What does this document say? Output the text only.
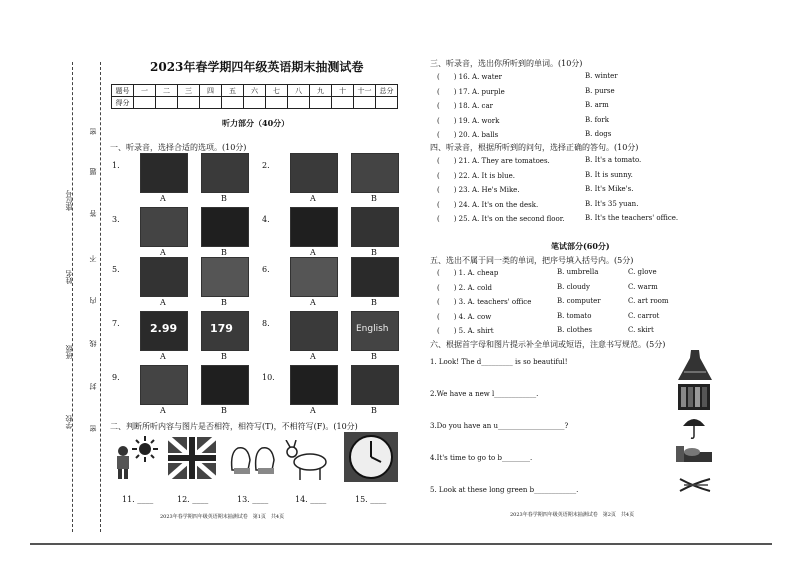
座位号
姓名
班级
学校
密
题
答
不
内
线
封
密
2023年春学期四年级英语期末抽测试卷
题号	一	二	三	四	五	六	七	八	九	十	十一	总分
得分												
听力部分（40分）
一、听录音，选择合适的选项。(10分)
1.
A	B
2.
A	B
3.
A	B
4.
A	B
5.
A	B
6.
A	B
7.
A	B
8.
A	B
9.
A	B
10.
A	B
2.99	179	English
二、判断所听内容与图片是否相符，相符写(T)，不相符写(F)。(10分)
11. ____	12. ____	13. ____	14. ____	15. ____
2023年春学期四年级英语期末抽测试卷　第1页　共4页
三、听录音，选出你所听到的单词。(10分)
(　　) 16. A. water	B. winter
(　　) 17. A. purple	B. purse
(　　) 18. A. car	B. arm
(　　) 19. A. work	B. fork
(　　) 20. A. balls	B. dogs
四、听录音，根据所听到的问句，选择正确的答句。(10分)
(　　) 21. A. They are tomatoes.	B. It's a tomato.
(　　) 22. A. It is blue.	B. It is sunny.
(　　) 23. A. He's Mike.	B. It's Mike's.
(　　) 24. A. It's on the desk.	B. It's 35 yuan.
(　　) 25. A. It's on the second floor.	B. It's the teachers' office.
笔试部分(60分)
五、选出不属于同一类的单词，把序号填入括号内。(5分)
(　　) 1. A. cheap	B. umbrella	C. glove
(　　) 2. A. cold	B. cloudy	C. warm
(　　) 3. A. teachers' office	B. computer	C. art room
(　　) 4. A. cow	B. tomato	C. carrot
(　　) 5. A. shirt	B. clothes	C. skirt
六、根据首字母和图片提示补全单词或短语，注意书写规范。(5分)
1. Look! The d_________ is so beautiful!
2.We have a new l____________.
3.Do you have an u___________________?
4.It's time to go to b________.
5. Look at these long green b____________.
2023年春学期四年级英语期末抽测试卷　第2页　共4页
